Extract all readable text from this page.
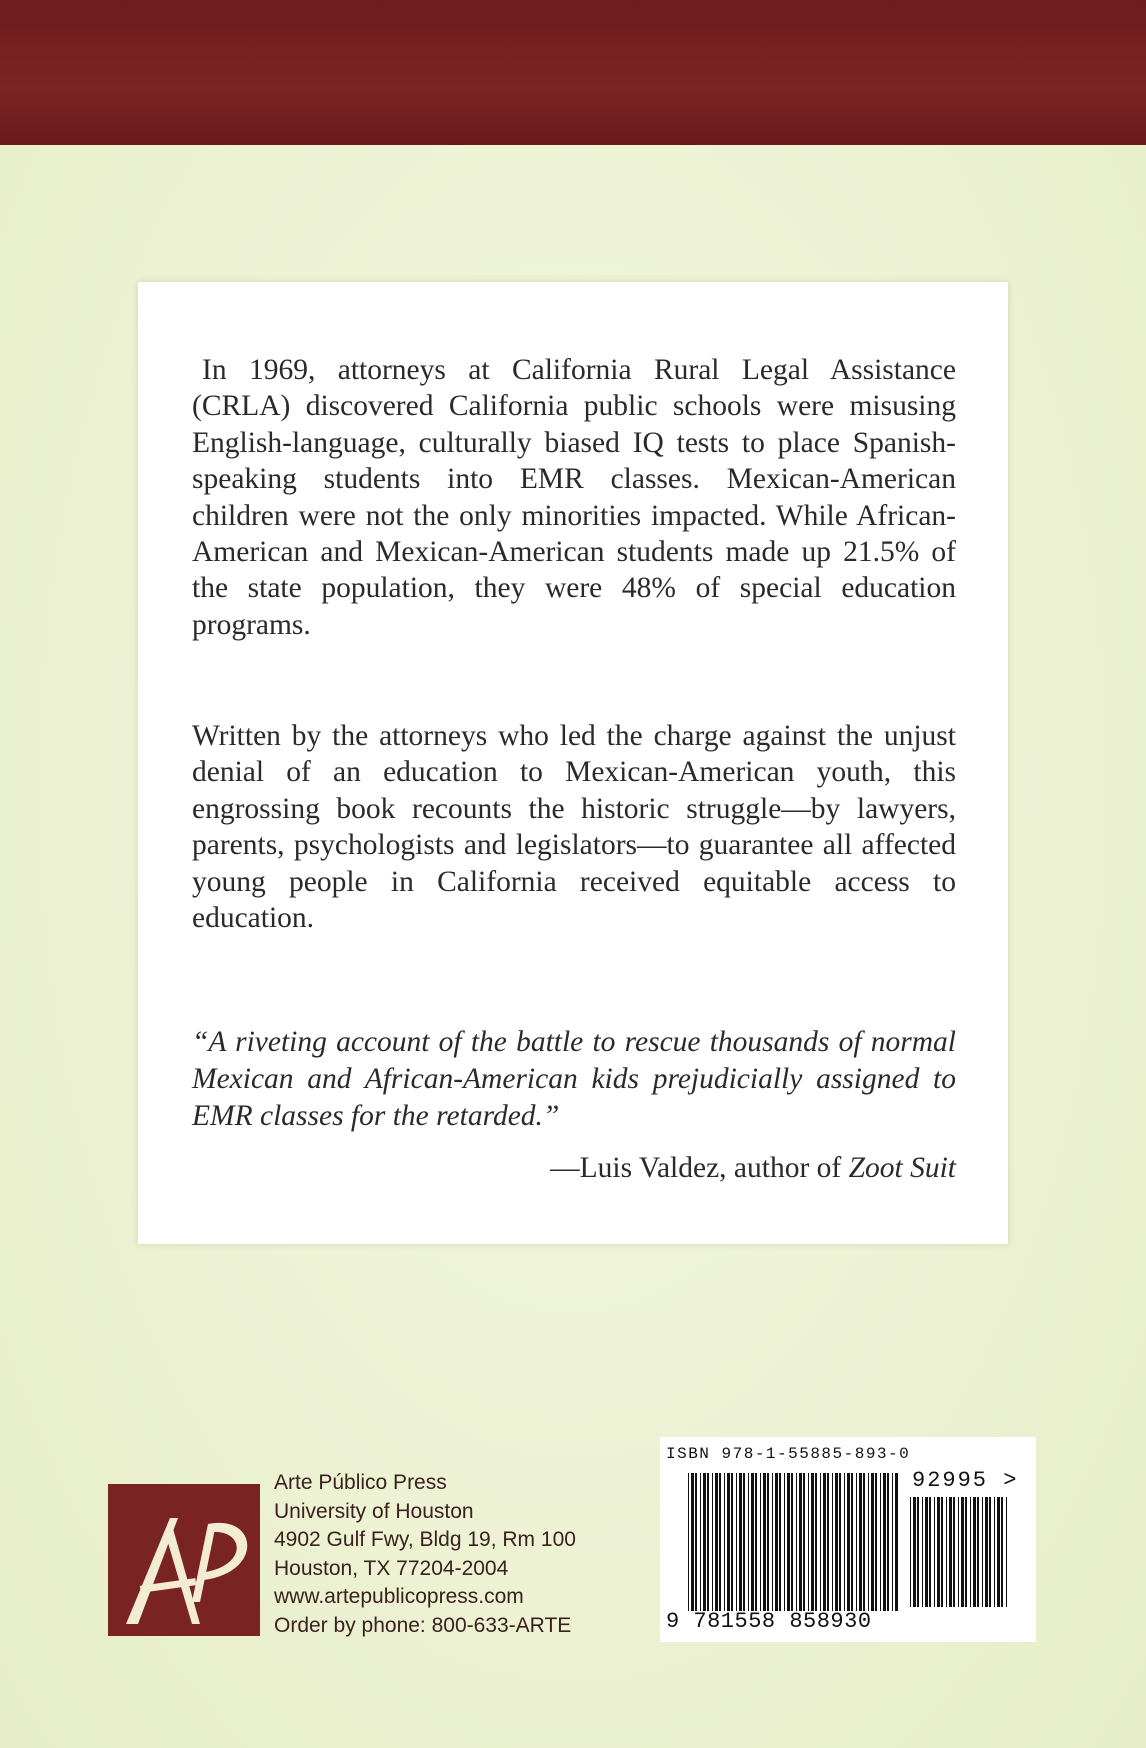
In 1969, attorneys at California Rural Legal Assistance (CRLA) discovered California public schools were misusing English-language, culturally biased IQ tests to place Spanish-speaking students into EMR classes. Mexican-American children were not the only minorities impacted. While African-American and Mexican-American students made up 21.5% of the state population, they were 48% of special education programs.

Written by the attorneys who led the charge against the unjust denial of an education to Mexican-American youth, this engrossing book recounts the historic struggle—by lawyers, parents, psychologists and legislators—to guarantee all affected young people in California received equitable access to education.

“A riveting account of the battle to rescue thousands of normal Mexican and African-American kids prejudicially assigned to EMR classes for the retarded.”

—Luis Valdez, author of Zoot Suit
Arte Público Press
University of Houston
4902 Gulf Fwy, Bldg 19, Rm 100
Houston, TX 77204-2004
www.artepublicopress.com
Order by phone: 800-633-ARTE
ISBN 978-1-55885-893-0
92995 >
9 781558 858930
